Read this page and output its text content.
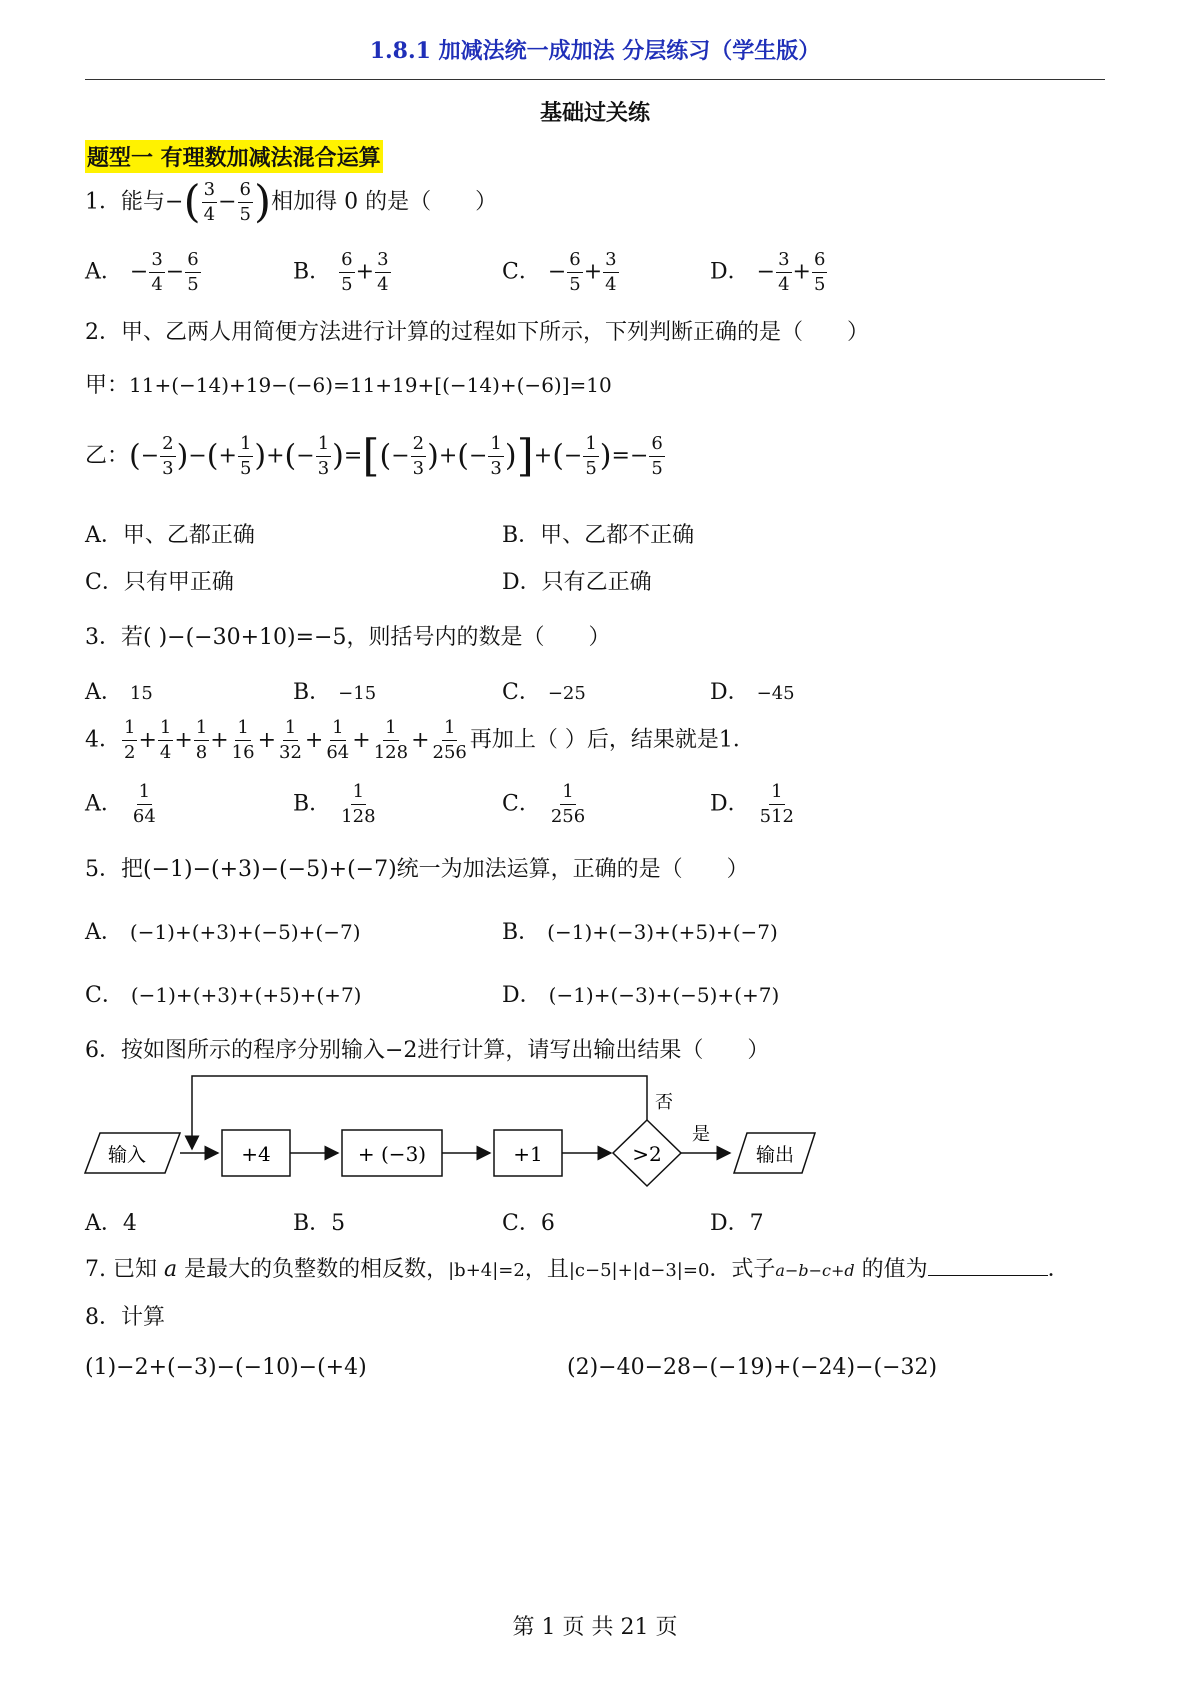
1.8.1 加减法统一成加法 分层练习（学生版）
基础过关练
题型一 有理数加减法混合运算
1．能与−( $\frac{3}{4} - \frac{6}{5}$ )相加得 0 的是（　　）
A． − $\frac{3}{4} - \frac{6}{5}$	B． $\frac{6}{5} + \frac{3}{4}$	C． − $\frac{6}{5} + \frac{3}{4}$	D． − $\frac{3}{4} + \frac{6}{5}$
2．甲、乙两人用简便方法进行计算的过程如下所示，下列判断正确的是（　　）
甲：11+(−14)+19−(−6)=11+19+[(−14)+(−6)]=10
乙：(− $\frac{2}{3}$ )−(+ $\frac{1}{5}$ )+(− $\frac{1}{3}$ )=[(− $\frac{2}{3}$ )+(− $\frac{1}{3}$ )]+(− $\frac{1}{5}$ )=− $\frac{6}{5}$
A．甲、乙都正确	B．甲、乙都不正确
C．只有甲正确	D．只有乙正确
3．若( )−(−30+10)=−5，则括号内的数是（　　）
A． 15	B． −15	C． −25	D． −45
4． $\frac{1}{2} + \frac{1}{4} + \frac{1}{8} + \frac{1}{16} + \frac{1}{32} + \frac{1}{64} + \frac{1}{128} + \frac{1}{256}$ 再加上（ ）后，结果就是1．
A． $\frac{1}{64}$	B． $\frac{1}{128}$	C． $\frac{1}{256}$	D． $\frac{1}{512}$
5．把(−1)−(+3)−(−5)+(−7)统一为加法运算，正确的是（　　）
A． (−1)+(+3)+(−5)+(−7)	B． (−1)+(−3)+(+5)+(−7)
C． (−1)+(+3)+(+5)+(+7)	D． (−1)+(−3)+(−5)+(+7)
6．按如图所示的程序分别输入−2进行计算，请写出输出结果（　　）
输入	+4	+ (−3)	+1	>2
是
输出
否
A．4	B．5	C．6	D．7
7. 已知 a 是最大的负整数的相反数，|b+4|=2，且|c−5|+|d−3|=0．式子a−b−c+d 的值为	．
8．计算
(1)−2+(−3)−(−10)−(+4)	(2)−40−28−(−19)+(−24)−(−32)
第 1 页 共 21 页
